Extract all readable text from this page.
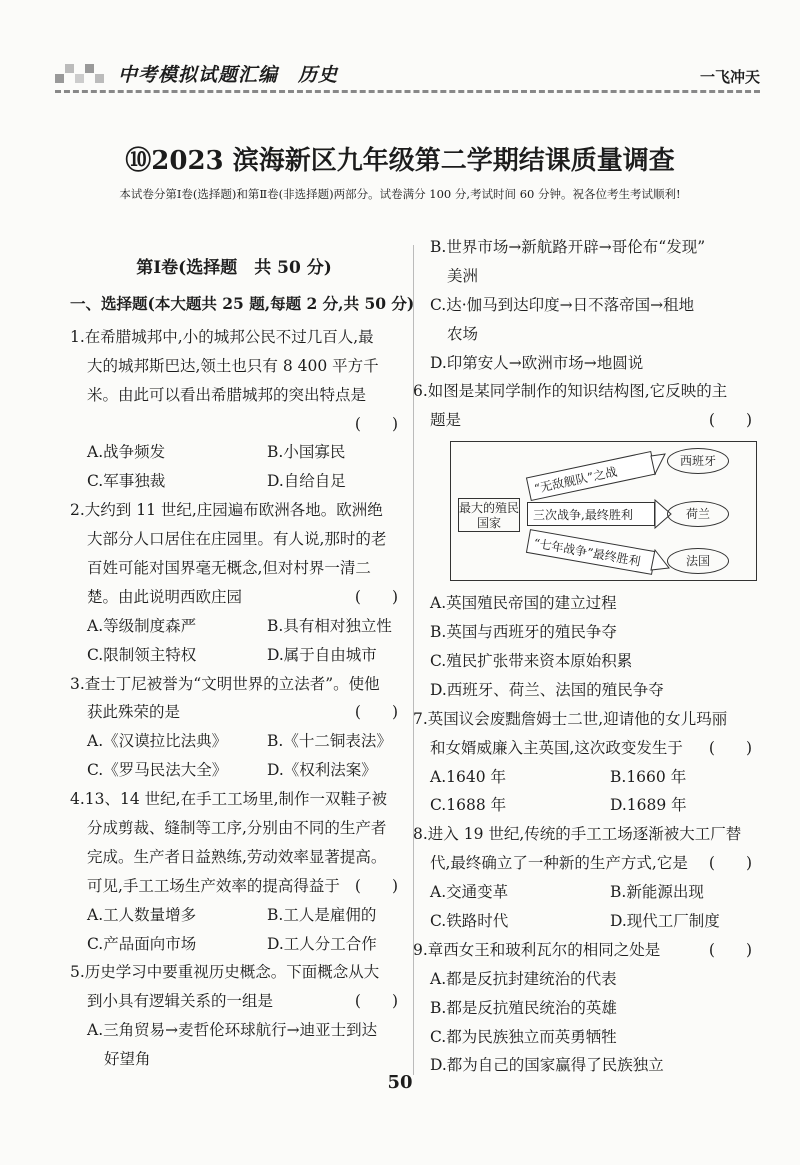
中考模拟试题汇编　历史	一飞冲天
⑩2023 滨海新区九年级第二学期结课质量调查
本试卷分第Ⅰ卷(选择题)和第Ⅱ卷(非选择题)两部分。试卷满分 100 分,考试时间 60 分钟。祝各位考生考试顺利!
第Ⅰ卷(选择题　共 50 分)
一、选择题(本大题共 25 题,每题 2 分,共 50 分)
1.在希腊城邦中,小的城邦公民不过几百人,最
大的城邦斯巴达,领土也只有 8 400 平方千
米。由此可以看出希腊城邦的突出特点是
(　　)
A.战争频发	B.小国寡民
C.军事独裁	D.自给自足
2.大约到 11 世纪,庄园遍布欧洲各地。欧洲绝
大部分人口居住在庄园里。有人说,那时的老
百姓可能对国界毫无概念,但对村界一清二
楚。由此说明西欧庄园	(　　)
A.等级制度森严	B.具有相对独立性
C.限制领主特权	D.属于自由城市
3.查士丁尼被誉为“文明世界的立法者”。使他
获此殊荣的是	(　　)
A.《汉谟拉比法典》	B.《十二铜表法》
C.《罗马民法大全》	D.《权利法案》
4.13、14 世纪,在手工工场里,制作一双鞋子被
分成剪裁、缝制等工序,分别由不同的生产者
完成。生产者日益熟练,劳动效率显著提高。
可见,手工工场生产效率的提高得益于 (　　)
A.工人数量增多	B.工人是雇佣的
C.产品面向市场	D.工人分工合作
5.历史学习中要重视历史概念。下面概念从大
到小具有逻辑关系的一组是	(　　)
A.三角贸易→麦哲伦环球航行→迪亚士到达
好望角
B.世界市场→新航路开辟→哥伦布“发现”
美洲
C.达·伽马到达印度→日不落帝国→租地
农场
D.印第安人→欧洲市场→地圆说
6.如图是某同学制作的知识结构图,它反映的主
题是	(　　)
最大的殖民国家
“无敌舰队”之战
三次战争,最终胜利
“七年战争”最终胜利
西班牙
荷兰
法国
A.英国殖民帝国的建立过程
B.英国与西班牙的殖民争夺
C.殖民扩张带来资本原始积累
D.西班牙、荷兰、法国的殖民争夺
7.英国议会废黜詹姆士二世,迎请他的女儿玛丽
和女婿威廉入主英国,这次政变发生于 (　　)
A.1640 年	B.1660 年
C.1688 年	D.1689 年
8.进入 19 世纪,传统的手工工场逐渐被大工厂替
代,最终确立了一种新的生产方式,它是 (　　)
A.交通变革	B.新能源出现
C.铁路时代	D.现代工厂制度
9.章西女王和玻利瓦尔的相同之处是	(　　)
A.都是反抗封建统治的代表
B.都是反抗殖民统治的英雄
C.都为民族独立而英勇牺牲
D.都为自己的国家赢得了民族独立
50
